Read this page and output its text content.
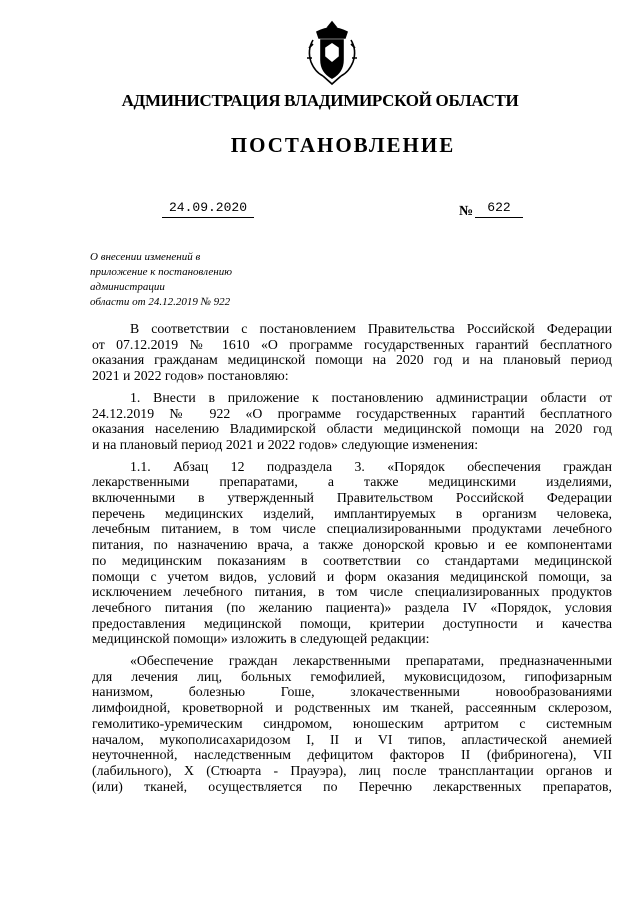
АДМИНИСТРАЦИЯ ВЛАДИМИРСКОЙ ОБЛАСТИ
ПОСТАНОВЛЕНИЕ
24.09.2020	№	622
О внесении изменений в
приложение к постановлению
администрации
области от 24.12.2019 № 922
В соответствии с постановлением Правительства Российской Федерации
от 07.12.2019 № 1610 «О программе государственных гарантий бесплатного
оказания гражданам медицинской помощи на 2020 год и на плановый период
2021 и 2022 годов» постановляю:
1. Внести в приложение к постановлению администрации области от
24.12.2019 № 922 «О программе государственных гарантий бесплатного
оказания населению Владимирской области медицинской помощи на 2020 год
и на плановый период 2021 и 2022 годов» следующие изменения:
1.1. Абзац 12 подраздела 3. «Порядок обеспечения граждан
лекарственными препаратами, а также медицинскими изделиями,
включенными в утвержденный Правительством Российской Федерации
перечень медицинских изделий, имплантируемых в организм человека,
лечебным питанием, в том числе специализированными продуктами лечебного
питания, по назначению врача, а также донорской кровью и ее компонентами
по медицинским показаниям в соответствии со стандартами медицинской
помощи с учетом видов, условий и форм оказания медицинской помощи, за
исключением лечебного питания, в том числе специализированных продуктов
лечебного питания (по желанию пациента)» раздела IV «Порядок, условия
предоставления медицинской помощи, критерии доступности и качества
медицинской помощи» изложить в следующей редакции:
«Обеспечение граждан лекарственными препаратами, предназначенными
для лечения лиц, больных гемофилией, муковисцидозом, гипофизарным
нанизмом, болезнью Гоше, злокачественными новообразованиями
лимфоидной, кроветворной и родственных им тканей, рассеянным склерозом,
гемолитико-уремическим синдромом, юношеским артритом с системным
началом, мукополисахаридозом I, II и VI типов, апластической анемией
неуточненной, наследственным дефицитом факторов II (фибриногена), VII
(лабильного), X (Стюарта - Прауэра), лиц после трансплантации органов и
(или) тканей, осуществляется по Перечню лекарственных препаратов,
